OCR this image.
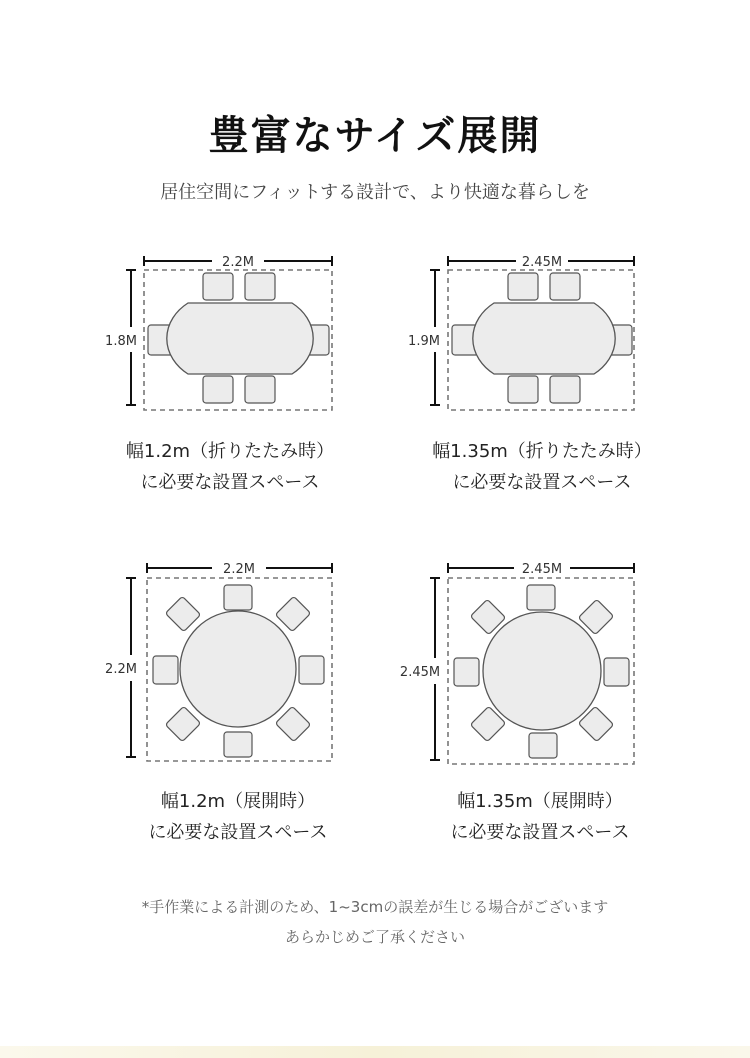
豊富なサイズ展開
居住空間にフィットする設計で、より快適な暮らしを
2.2M
1.8M
幅1.2m（折りたたみ時）
に必要な設置スペース
2.45M
1.9M
幅1.35m（折りたたみ時）
に必要な設置スペース
2.2M
2.2M
幅1.2m（展開時）
に必要な設置スペース
2.45M
2.45M
幅1.35m（展開時）
に必要な設置スペース
*手作業による計測のため、1~3cmの誤差が生じる場合がございます
あらかじめご了承ください
